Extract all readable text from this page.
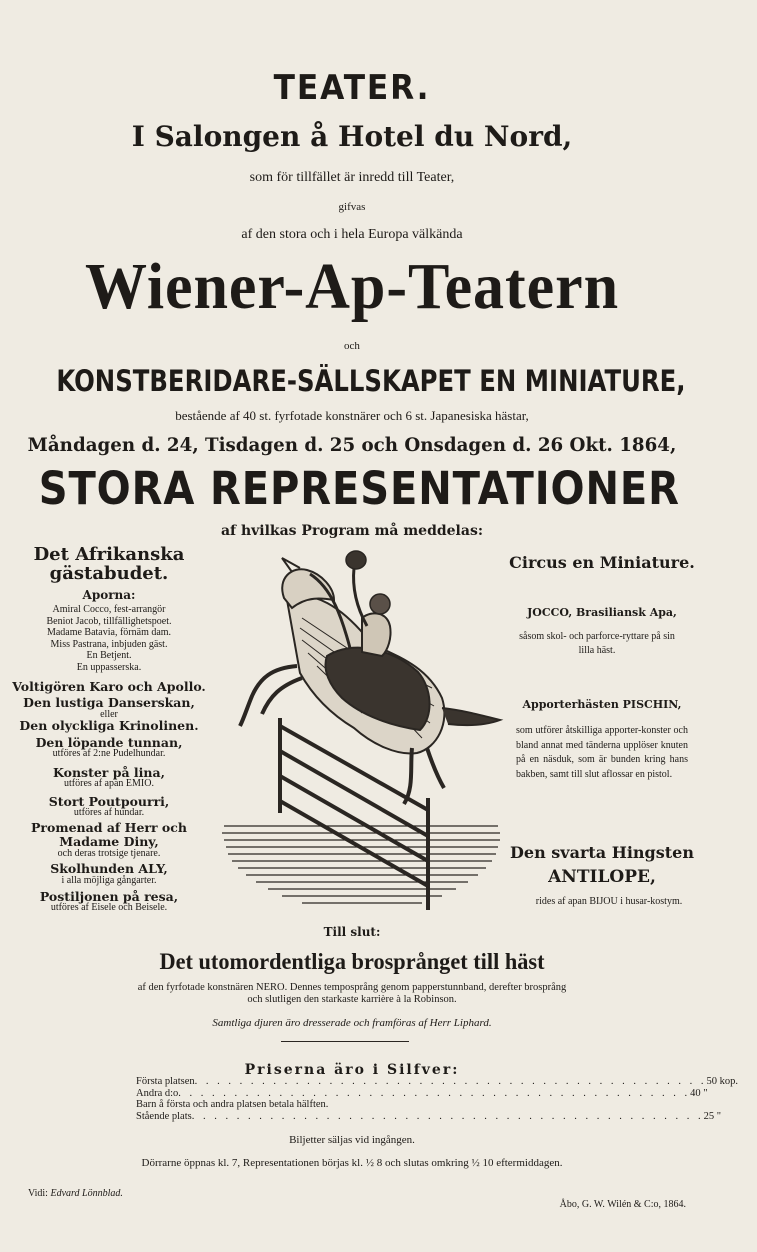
TEATER.
I Salongen å Hotel du Nord,
som för tillfället är inredd till Teater,
gifvas
af den stora och i hela Europa välkända
Wiener-Ap-Teatern
och
KONSTBERIDARE-SÄLLSKAPET EN MINIATURE,
bestående af 40 st. fyrfotade konstnärer och 6 st. Japanesiska hästar,
Måndagen d. 24, Tisdagen d. 25 och Onsdagen d. 26 Okt. 1864,
STORA REPRESENTATIONER
af hvilkas Program må meddelas:
Det Afrikanska gästabudet.
Aporna:
Amiral Cocco, fest-arrangör
Beniot Jacob, tillfällighetspoet.
Madame Batavia, förnäm dam.
Miss Pastrana, inbjuden gäst.
En Betjent.
En uppasserska.
Voltigören Karo och Apollo.
Den lustiga Danserskan,
eller
Den olyckliga Krinolinen.
Den löpande tunnan,
utföres af 2:ne Pudelhundar.
Konster på lina,
utföres af apan EMIO.
Stort Poutpourri,
utföres af hundar.
Promenad af Herr och Madame Diny,
och deras trotsige tjenare.
Skolhunden ALY,
i alla möjliga gångarter.
Postiljonen på resa,
utföres af Eisele och Beisele.
Circus en Miniature.
JOCCO, Brasiliansk Apa,
såsom skol- och parforce-ryttare på sin lilla häst.
Apporterhästen PISCHIN,
som utförer åtskilliga apporter-konster och bland annat med tänderna upplöser knuten på en näsduk, som är bunden kring hans bakben, samt till slut aflossar en pistol.
Den svarta Hingsten
ANTILOPE,
rides af apan BIJOU i husar-kostym.
Till slut:
Det utomordentliga brosprånget till häst
af den fyrfotade konstnären NERO. Dennes temposprång genom papperstunnband, derefter brosprång
och slutligen den starkaste karrière à la Robinson.
Samtliga djuren äro dresserade och framföras af Herr Liphard.
Priserna äro i Silfver:
Första platsen . . . . . . . . . . . . . . . . . . . . . . . . . . . . . . . . . . . . . . . . . . . . . . 50 kop.
Andra d:o . . . . . . . . . . . . . . . . . . . . . . . . . . . . . . . . . . . . . . . . . . . . . . 40 "
Barn å första och andra platsen betala hälften.
Stående plats . . . . . . . . . . . . . . . . . . . . . . . . . . . . . . . . . . . . . . . . . . . . . . 25 "
Biljetter säljas vid ingången.
Dörrarne öppnas kl. 7, Representationen börjas kl. ½ 8 och slutas omkring ½ 10 eftermiddagen.
Vidi: Edvard Lönnblad.
Åbo, G. W. Wilén & C:o, 1864.
